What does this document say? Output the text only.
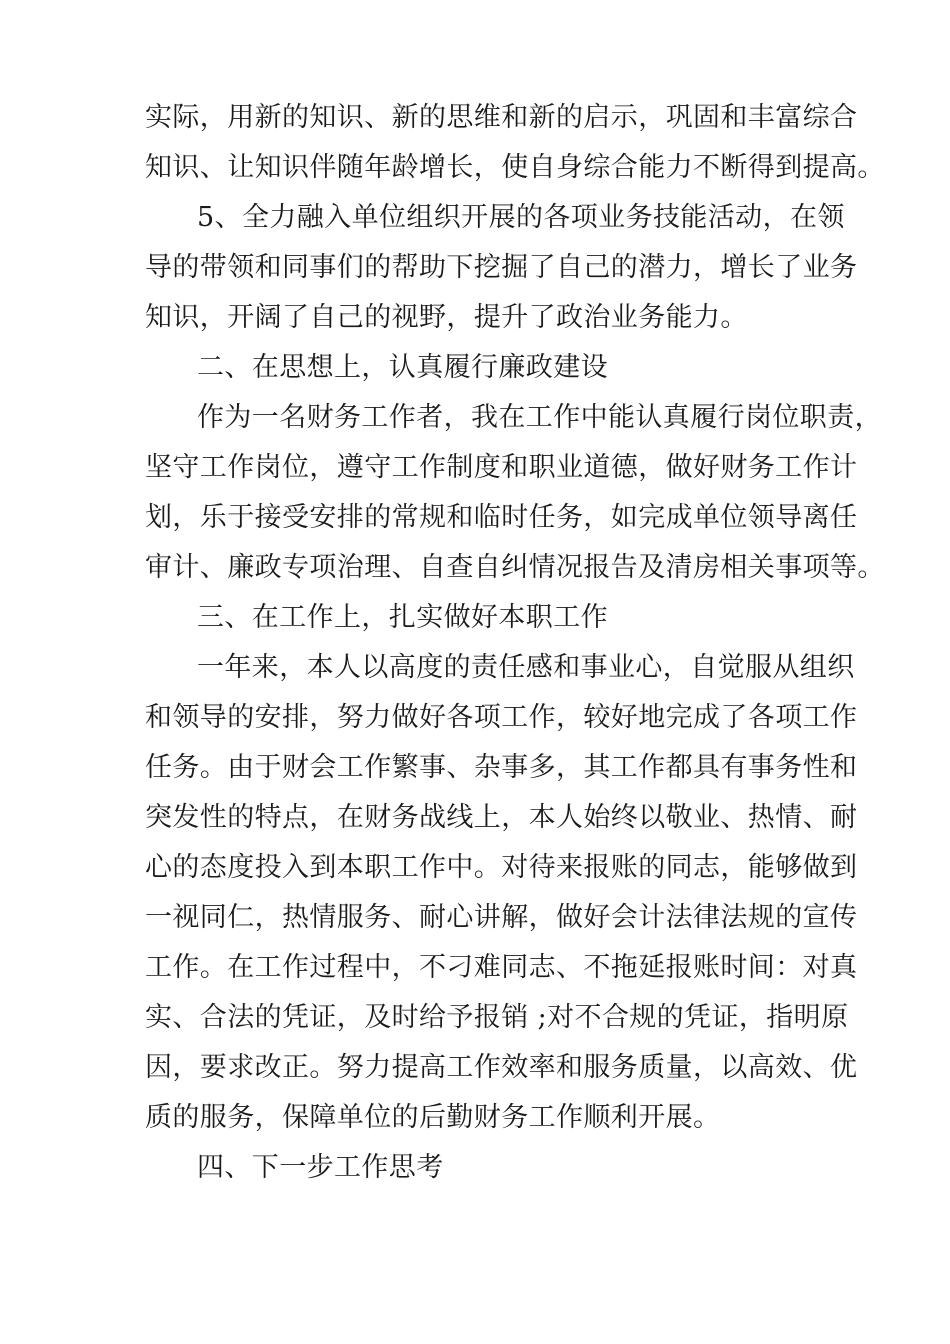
实际，用新的知识、新的思维和新的启示，巩固和丰富综合
知识、让知识伴随年龄增长，使自身综合能力不断得到提高。
5、全力融入单位组织开展的各项业务技能活动，在领
导的带领和同事们的帮助下挖掘了自己的潜力，增长了业务
知识，开阔了自己的视野，提升了政治业务能力。
二、在思想上，认真履行廉政建设
作为一名财务工作者，我在工作中能认真履行岗位职责，
坚守工作岗位，遵守工作制度和职业道德，做好财务工作计
划，乐于接受安排的常规和临时任务，如完成单位领导离任
审计、廉政专项治理、自查自纠情况报告及清房相关事项等。
三、在工作上，扎实做好本职工作
一年来，本人以高度的责任感和事业心，自觉服从组织
和领导的安排，努力做好各项工作，较好地完成了各项工作
任务。由于财会工作繁事、杂事多，其工作都具有事务性和
突发性的特点，在财务战线上，本人始终以敬业、热情、耐
心的态度投入到本职工作中。对待来报账的同志，能够做到
一视同仁，热情服务、耐心讲解，做好会计法律法规的宣传
工作。在工作过程中，不刁难同志、不拖延报账时间：对真
实、合法的凭证，及时给予报销 ;对不合规的凭证，指明原
因，要求改正。努力提高工作效率和服务质量，以高效、优
质的服务，保障单位的后勤财务工作顺利开展。
四、下一步工作思考
